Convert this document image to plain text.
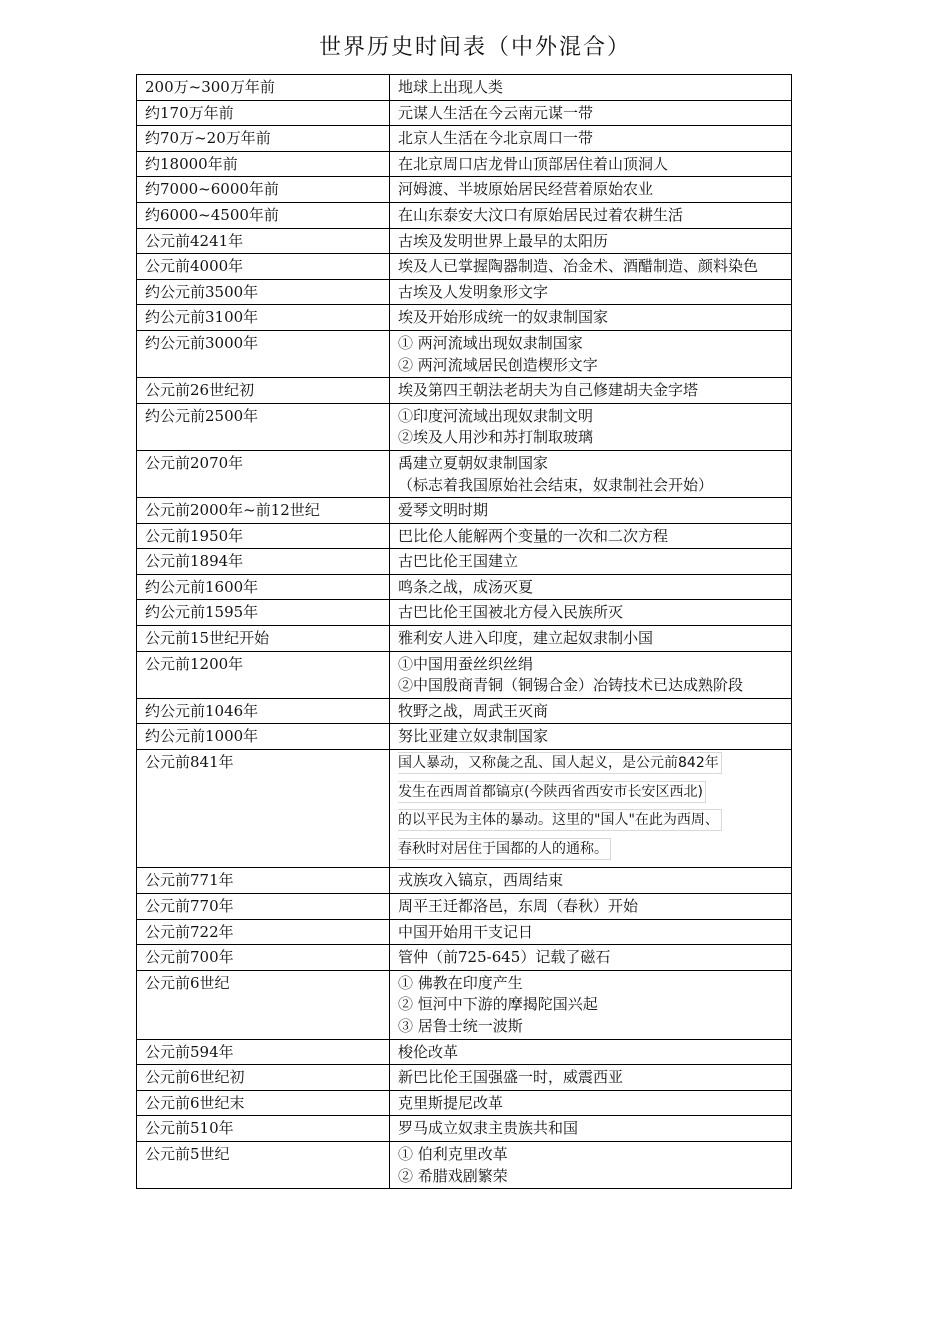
世界历史时间表（中外混合）
200万~300万年前	地球上出现人类

约170万年前	元谋人生活在今云南元谋一带

约70万~20万年前	北京人生活在今北京周口一带

约18000年前	在北京周口店龙骨山顶部居住着山顶洞人

约7000~6000年前	河姆渡、半坡原始居民经营着原始农业

约6000~4500年前	在山东泰安大汶口有原始居民过着农耕生活

公元前4241年	古埃及发明世界上最早的太阳历

公元前4000年	埃及人已掌握陶器制造、冶金术、酒醋制造、颜料染色

约公元前3500年	古埃及人发明象形文字

约公元前3100年	埃及开始形成统一的奴隶制国家

约公元前3000年	① 两河流域出现奴隶制国家
② 两河流域居民创造楔形文字

公元前26世纪初	埃及第四王朝法老胡夫为自己修建胡夫金字塔

约公元前2500年	①印度河流域出现奴隶制文明
②埃及人用沙和苏打制取玻璃

公元前2070年	禹建立夏朝奴隶制国家
（标志着我国原始社会结束，奴隶制社会开始）

公元前2000年~前12世纪	爱琴文明时期

公元前1950年	巴比伦人能解两个变量的一次和二次方程

公元前1894年	古巴比伦王国建立

约公元前1600年	鸣条之战，成汤灭夏

约公元前1595年	古巴比伦王国被北方侵入民族所灭

公元前15世纪开始	雅利安人进入印度，建立起奴隶制小国

公元前1200年	①中国用蚕丝织丝绢
②中国殷商青铜（铜锡合金）冶铸技术已达成熟阶段

约公元前1046年	牧野之战，周武王灭商

约公元前1000年	努比亚建立奴隶制国家

公元前841年	国人暴动，又称彘之乱、国人起义，是公元前842年
发生在西周首都镐京(今陕西省西安市长安区西北)
的以平民为主体的暴动。这里的"国人"在此为西周、
春秋时对居住于国都的人的通称。

公元前771年	戎族攻入镐京，西周结束

公元前770年	周平王迁都洛邑，东周（春秋）开始

公元前722年	中国开始用干支记日

公元前700年	管仲（前725-645）记载了磁石

公元前6世纪	① 佛教在印度产生
② 恒河中下游的摩揭陀国兴起
③ 居鲁士统一波斯

公元前594年	梭伦改革

公元前6世纪初	新巴比伦王国强盛一时，威震西亚

公元前6世纪末	克里斯提尼改革

公元前510年	罗马成立奴隶主贵族共和国

公元前5世纪	① 伯利克里改革
② 希腊戏剧繁荣
